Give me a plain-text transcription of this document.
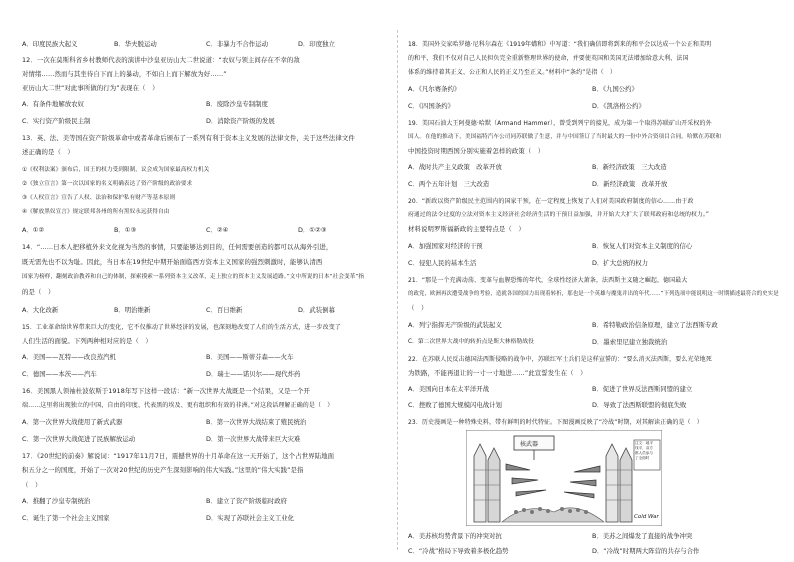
A．印度民族大起义	B．华夫脱运动	C．非暴力不合作运动	D．印度独立
12．一次在莫斯科省乡村教师代表的演讲中沙皇亚历山大二世说道：“农奴与领主间存在不幸的敌
对情绪……然而与其坐待自下而上的暴动，不如自上而下解放为好……”
亚历山大二世“对此事所做的行为”表现在（　）
A．有条件地解放农奴	B．废除沙皇专制制度
C．实行资产阶级民主制	D．消除资产阶级的发展
13．英、法、美等国在资产阶级革命中或者革命后颁布了一系列有利于资本主义发展的法律文件，关于这些法律文件
述正确的是（　）
①《权利法案》颁布后，国王的权力受到限制，议会成为国家最高权力机关
②《独立宣言》第一次以国家的名义明确表达了资产阶级的政治要求
③《人权宣言》宣告了人权、法治和保护私有财产等基本原则
④《解放黑奴宣言》规定联邦各州的所有黑奴永远获得自由
A．①②	B．①③	C．②④	D．①②③
14．“……日本人把移植外来文化视为当然的事情，只要能够达到目的，任何需要创造的都可以从海外引进，
既无需先也不以为耻。因此，当日本在19世纪中期开始面临西方资本主义国家的强烈刺激时，能够认清西
国家为榜样，翻刻政治教养和自己的体制，探索摸索一系列资本主义改革，走上独立的资本主义发展道路。”文中所说的日本“社会变革”指
的是（　）
A．大化改新	B．明治维新	C．百日维新	D．武装倒幕
15．工业革命给世界带来巨大的变化，它不仅推动了世界经济的发展，也深刻地改变了人们的生活方式，进一步改变了
人们生活的面貌。下列两种相对应的是（　）
A．美国——瓦特——改良蒸汽机	B．美国——斯蒂芬森——火车
C．德国——本茨——汽车	D．瑞士——诺贝尔——现代炸药
16．美国黑人领袖杜波依斯于1918年写下这样一段话：“新一次世界大战既是一个结果，又是一个开
端……这里将出现独立的中国，自由的印度、代表黑的埃及、更有组织和有效的非洲。”对这段话理解正确的是（　）
A．第一次世界大战使用了新式武器	B．第一次世界大战结束了殖民统治
C．第一次世界大战促进了民族解放运动	D．第一次世界大战带来巨大灾难
17．《20世纪的前奏》解说词：“1917年11月7日，震撼世界的十月革命在这一天开始了，这个占世界陆地面
积五分之一的国度，开始了一次对20世纪的历史产生深刻影响的伟大实践。”这里的“伟大实践”是指
（　）
A．推翻了沙皇专制统治	B．建立了资产阶级临时政府
C．诞生了第一个社会主义国家	D．实现了苏联社会主义工业化
18．美国外交家哈罗德·尼科尔森在《1919年媾和》中写道：“我们确信即将到来的和平会以达成一个公正和美明
的和平，我们不仅对自己人民担负完全重新整理世界的使命，并要使英国和美国无法增加给意大利、法国
体系的维持着其正义、公正和人民的正义乃至正义。”材料中“条约”是指（　）
A．《凡尔赛条约》	B．《九国公约》
C．《四国条约》	D．《凯洛格公约》
19．美国石油大王阿曼德·哈默（Armand Hammer），曾受到列宁的接见，成为第一个取得苏联矿山开采权的外
国人。在他的推动下，美国福特汽车公司同苏联做了生意，并与中国签订了当时最大的一份中外合资项目合同。哈默在苏联和
中国投资时期西国分别实施着怎样的政策（　）
A．战时共产主义政策　改革开放	B．新经济政策　三大改造
C．两个五年计划　三大改造	D．新经济政策　改革开放
20．“新政以资产阶级民主范围内的国家干预，在一定程度上恢复了人们对美国政府制度的信心……由于政
府通过的法令过度的立法对资本主义经济社会经济生活的干预日益加强，并开始大大扩大了联邦政府和总统的权力。”
材料说明罗斯福新政的主要特点是（　）
A．加强国家对经济的干预	B．恢复人们对资本主义制度的信心
C．侵犯人民的基本生活	D．扩大总统的权力
21．“那是一个充满动荡、变革与血腥恐怖的年代，全球性经济大萧条，法西斯主义随之崛起，德国最大
的政党，欧洲再次遭受战争的考验，造就各国的国力出现着转折，那也是一个英雄与魔鬼并出的年代……”下列选项中能说明这一时期描述最符合的史实是
（　）
A．列宁指挥无产阶级的武装起义	B．希特勒政治信条原理，建立了法西斯专政
C．第二次世界大战中的转折点是斯大林格勒战役	D．墨索里尼建立独裁统治
22．在苏联人民反击德国法西斯侵略的战争中，苏联红军士兵们是这样宣誓的：“要么消灭法西斯，要么光荣地死
为铁路，不能再退让的一寸一寸地进……”此宣誓发生在（　）
23．历史漫画是一种特殊史料，带有鲜明的时代特征。下图漫画反映了“冷战”时期，对其解读正确的是（　）
核武器	注文：地平
线平，双方
都人员参与
了全面时
Cold War
A．美国向日本在太平洋开战	B．促进了世界反法西斯同盟的建立
C．挫败了德国大规模闪电战计划	D．导致了法西斯联盟的彻底失败
A．美苏核均势背景下的冲突对抗	B．美苏之间爆发了直接的战争冲突
C．“冷战”格局下导致着多极化趋势	D．“冷战”时期两大阵营的共存与合作
